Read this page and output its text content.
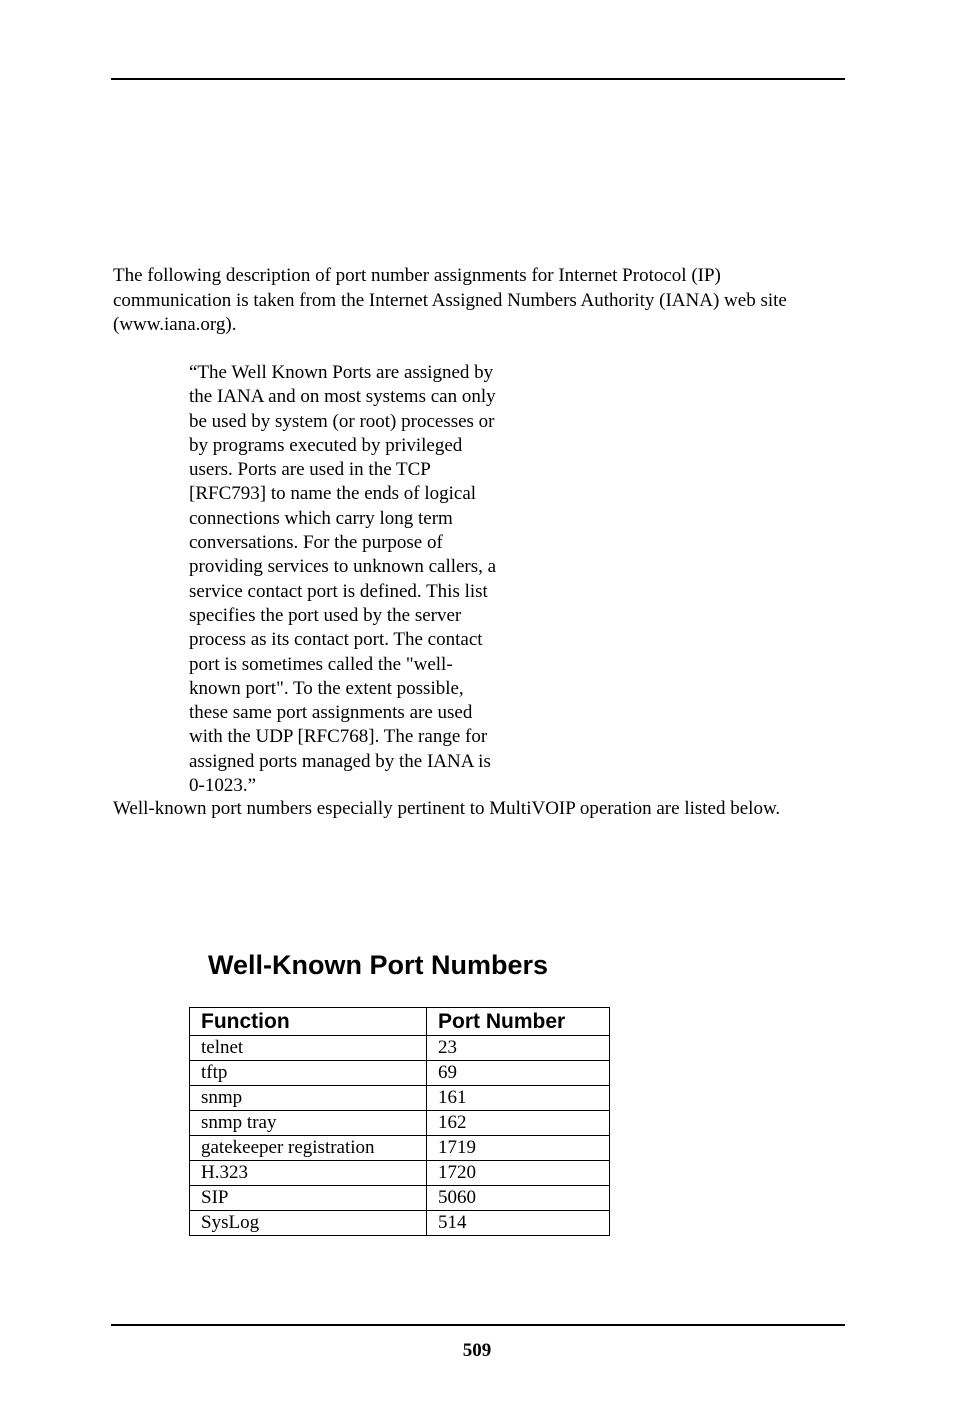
The following description of port number assignments for Internet Protocol (IP) communication is taken from the Internet Assigned Numbers Authority (IANA) web site (www.iana.org).

“The Well Known Ports are assigned by
the IANA and on most systems can only
be used by system (or root) processes or
by programs executed by privileged
users. Ports are used in the TCP
[RFC793] to name the ends of logical
connections which carry long term
conversations. For the purpose of
providing services to unknown callers, a
service contact port is defined. This list
specifies the port used by the server
process as its contact port. The contact
port is sometimes called the "well-
known port". To the extent possible,
these same port assignments are used
with the UDP [RFC768]. The range for
assigned ports managed by the IANA is
0-1023.”

Well-known port numbers especially pertinent to MultiVOIP operation are listed below.

Well-Known Port Numbers
Function	Port Number
telnet	23
tftp	69
snmp	161
snmp tray	162
gatekeeper registration	1719
H.323	1720
SIP	5060
SysLog	514

509
